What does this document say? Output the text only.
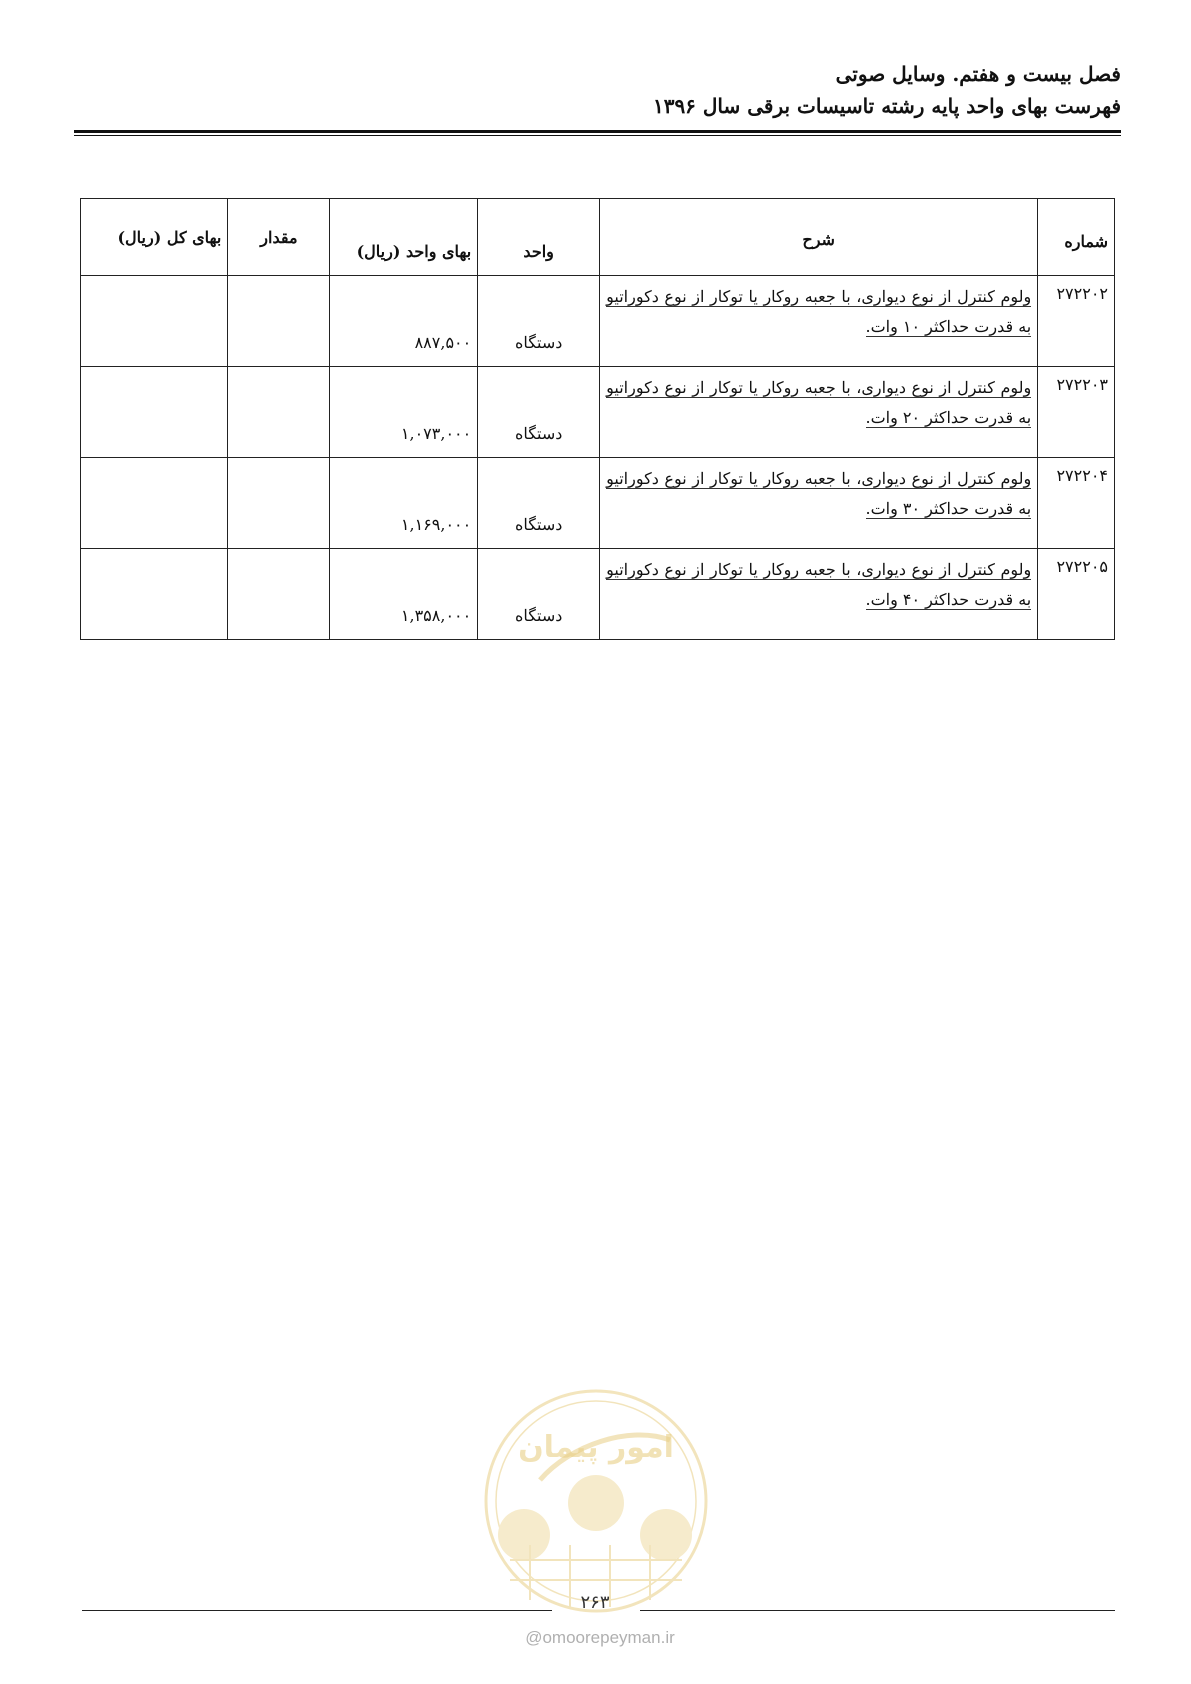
فصل بیست و هفتم. وسایل صوتی
فهرست بهای واحد پایه رشته تاسیسات برقی سال ۱۳۹۶
شماره	شرح	واحد	بهای واحد (ریال)	مقدار	بهای کل (ریال)
۲۷۲۲۰۲	ولوم کنترل از نوع دیواری، با جعبه روکار یا توکار از نوع دکوراتیو به قدرت حداکثر ۱۰ وات.	دستگاه	۸۸۷,۵۰۰		
۲۷۲۲۰۳	ولوم کنترل از نوع دیواری، با جعبه روکار یا توکار از نوع دکوراتیو به قدرت حداکثر ۲۰ وات.	دستگاه	۱,۰۷۳,۰۰۰		
۲۷۲۲۰۴	ولوم کنترل از نوع دیواری، با جعبه روکار یا توکار از نوع دکوراتیو به قدرت حداکثر ۳۰ وات.	دستگاه	۱,۱۶۹,۰۰۰		
۲۷۲۲۰۵	ولوم کنترل از نوع دیواری، با جعبه روکار یا توکار از نوع دکوراتیو به قدرت حداکثر ۴۰ وات.	دستگاه	۱,۳۵۸,۰۰۰		
امور پیمان
۲۶۳
@omoorepeyman.ir
